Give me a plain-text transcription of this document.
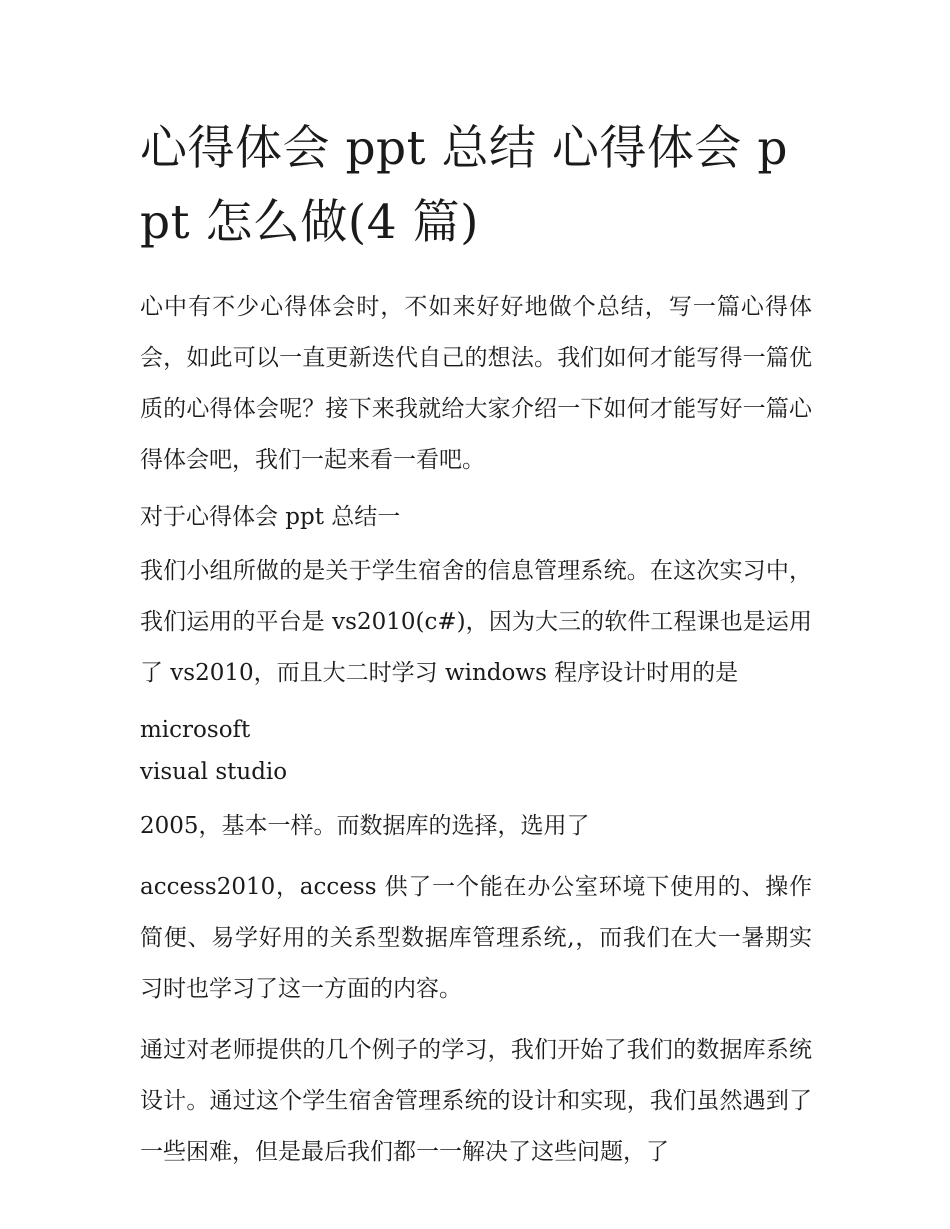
心得体会 ppt 总结 心得体会 ppt 怎么做(4 篇)

心中有不少心得体会时，不如来好好地做个总结，写一篇心得体会，如此可以一直更新迭代自己的想法。我们如何才能写得一篇优质的心得体会呢？接下来我就给大家介绍一下如何才能写好一篇心得体会吧，我们一起来看一看吧。

对于心得体会 ppt 总结一

我们小组所做的是关于学生宿舍的信息管理系统。在这次实习中，我们运用的平台是 vs2010(c#)，因为大三的软件工程课也是运用了 vs2010，而且大二时学习 windows 程序设计时用的是

microsoft

visual studio

2005，基本一样。而数据库的选择，选用了

access2010，access 供了一个能在办公室环境下使用的、操作简便、易学好用的关系型数据库管理系统,，而我们在大一暑期实习时也学习了这一方面的内容。

通过对老师提供的几个例子的学习，我们开始了我们的数据库系统设计。通过这个学生宿舍管理系统的设计和实现，我们虽然遇到了一些困难，但是最后我们都一一解决了这些问题，了
